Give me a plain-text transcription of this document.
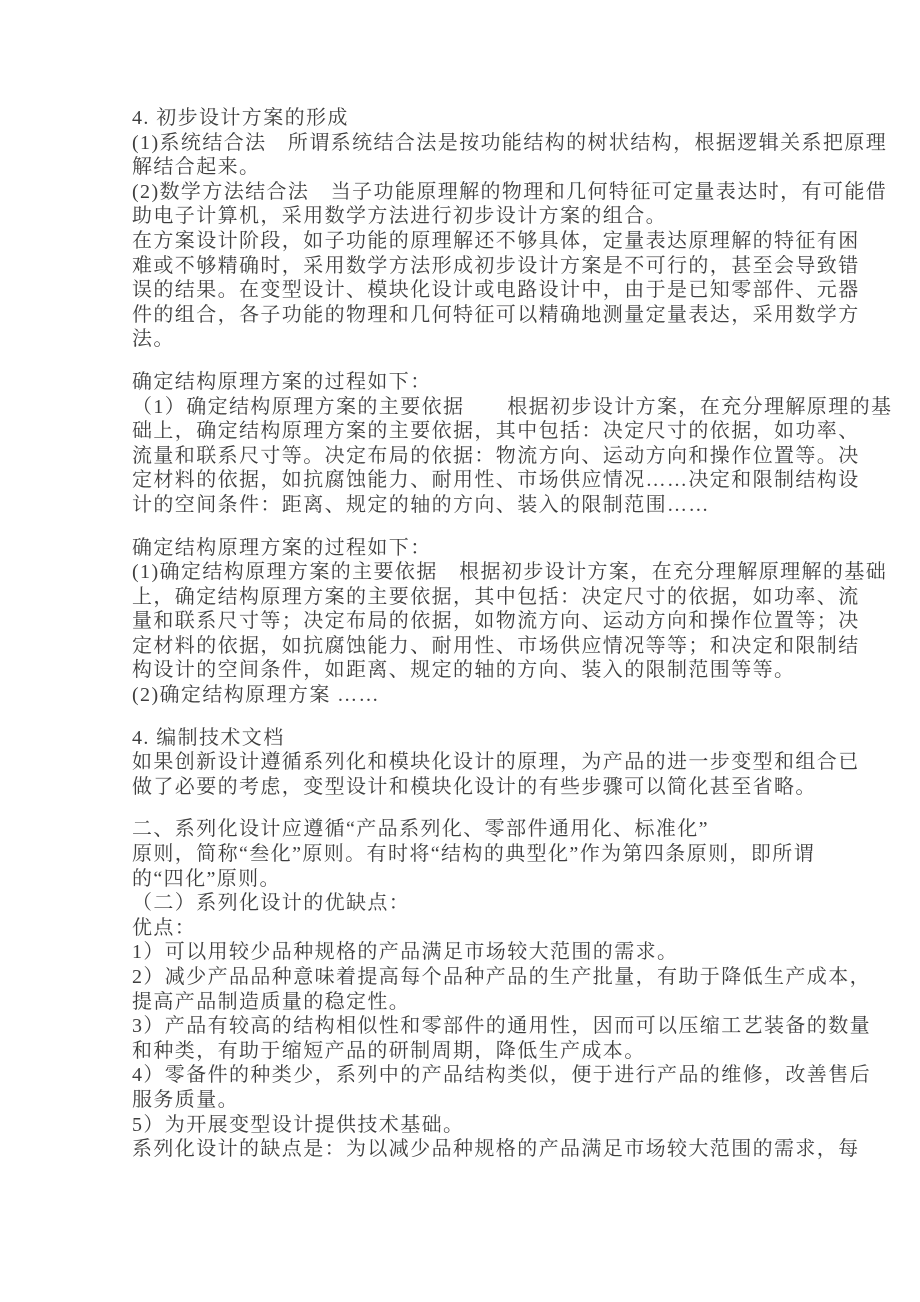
4. 初步设计方案的形成
(1)系统结合法　所谓系统结合法是按功能结构的树状结构，根据逻辑关系把原理
解结合起来。
(2)数学方法结合法　当子功能原理解的物理和几何特征可定量表达时，有可能借
助电子计算机，采用数学方法进行初步设计方案的组合。
在方案设计阶段，如子功能的原理解还不够具体，定量表达原理解的特征有困
难或不够精确时，采用数学方法形成初步设计方案是不可行的，甚至会导致错
误的结果。在变型设计、模块化设计或电路设计中，由于是已知零部件、元器
件的组合，各子功能的物理和几何特征可以精确地测量定量表达，采用数学方
法。
确定结构原理方案的过程如下：
（1）确定结构原理方案的主要依据　　根据初步设计方案，在充分理解原理的基
础上，确定结构原理方案的主要依据，其中包括：决定尺寸的依据，如功率、
流量和联系尺寸等。决定布局的依据：物流方向、运动方向和操作位置等。决
定材料的依据，如抗腐蚀能力、耐用性、市场供应情况……决定和限制结构设
计的空间条件：距离、规定的轴的方向、装入的限制范围……
确定结构原理方案的过程如下：
(1)确定结构原理方案的主要依据　根据初步设计方案，在充分理解原理解的基础
上，确定结构原理方案的主要依据，其中包括：决定尺寸的依据，如功率、流
量和联系尺寸等；决定布局的依据，如物流方向、运动方向和操作位置等；决
定材料的依据，如抗腐蚀能力、耐用性、市场供应情况等等；和决定和限制结
构设计的空间条件，如距离、规定的轴的方向、装入的限制范围等等。
(2)确定结构原理方案 ……
4. 编制技术文档
如果创新设计遵循系列化和模块化设计的原理，为产品的进一步变型和组合已
做了必要的考虑，变型设计和模块化设计的有些步骤可以简化甚至省略。
二、系列化设计应遵循“产品系列化、零部件通用化、标准化”
原则，简称“叁化”原则。有时将“结构的典型化”作为第四条原则，即所谓
的“四化”原则。
（二）系列化设计的优缺点：
优点：
1）可以用较少品种规格的产品满足市场较大范围的需求。
2）减少产品品种意味着提高每个品种产品的生产批量，有助于降低生产成本，
提高产品制造质量的稳定性。
3）产品有较高的结构相似性和零部件的通用性，因而可以压缩工艺装备的数量
和种类，有助于缩短产品的研制周期，降低生产成本。
4）零备件的种类少，系列中的产品结构类似，便于进行产品的维修，改善售后
服务质量。
5）为开展变型设计提供技术基础。
系列化设计的缺点是：为以减少品种规格的产品满足市场较大范围的需求，每
